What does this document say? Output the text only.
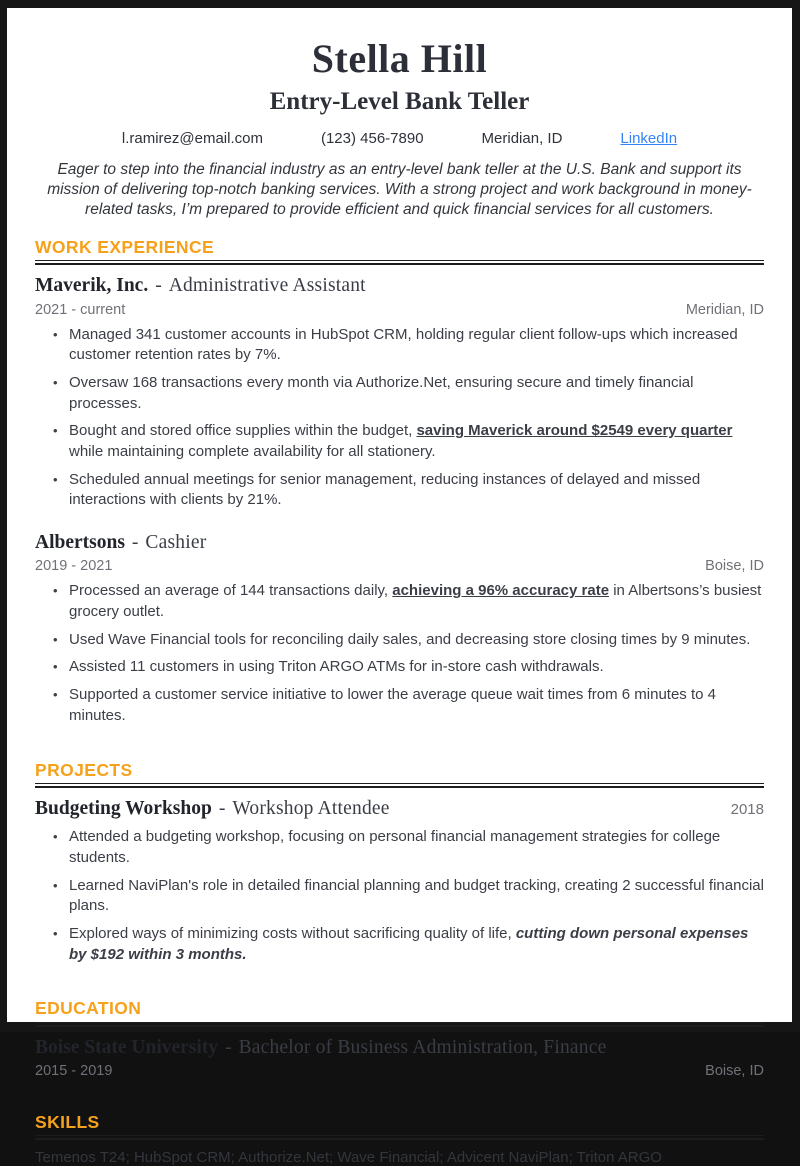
Stella Hill
Entry-Level Bank Teller
l.ramirez@email.com	(123) 456-7890	Meridian, ID	LinkedIn

Eager to step into the financial industry as an entry-level bank teller at the U.S. Bank and support its mission of delivering top-notch banking services. With a strong project and work background in money-related tasks, I’m prepared to provide efficient and quick financial services for all customers.

WORK EXPERIENCE
Maverik, Inc. - Administrative Assistant
2021 - current	Meridian, ID
• Managed 341 customer accounts in HubSpot CRM, holding regular client follow-ups which increased customer retention rates by 7%.
• Oversaw 168 transactions every month via Authorize.Net, ensuring secure and timely financial processes.
• Bought and stored office supplies within the budget, saving Maverick around $2549 every quarter while maintaining complete availability for all stationery.
• Scheduled annual meetings for senior management, reducing instances of delayed and missed interactions with clients by 21%.
Albertsons - Cashier
2019 - 2021	Boise, ID
• Processed an average of 144 transactions daily, achieving a 96% accuracy rate in Albertsons’s busiest grocery outlet.
• Used Wave Financial tools for reconciling daily sales, and decreasing store closing times by 9 minutes.
• Assisted 11 customers in using Triton ARGO ATMs for in-store cash withdrawals.
• Supported a customer service initiative to lower the average queue wait times from 6 minutes to 4 minutes.
PROJECTS
Budgeting Workshop - Workshop Attendee	2018
• Attended a budgeting workshop, focusing on personal financial management strategies for college students.
• Learned NaviPlan's role in detailed financial planning and budget tracking, creating 2 successful financial plans.
• Explored ways of minimizing costs without sacrificing quality of life, cutting down personal expenses by $192 within 3 months.
EDUCATION
Boise State University - Bachelor of Business Administration, Finance
2015 - 2019	Boise, ID
SKILLS

Temenos T24; HubSpot CRM; Authorize.Net; Wave Financial; Advicent NaviPlan; Triton ARGO
